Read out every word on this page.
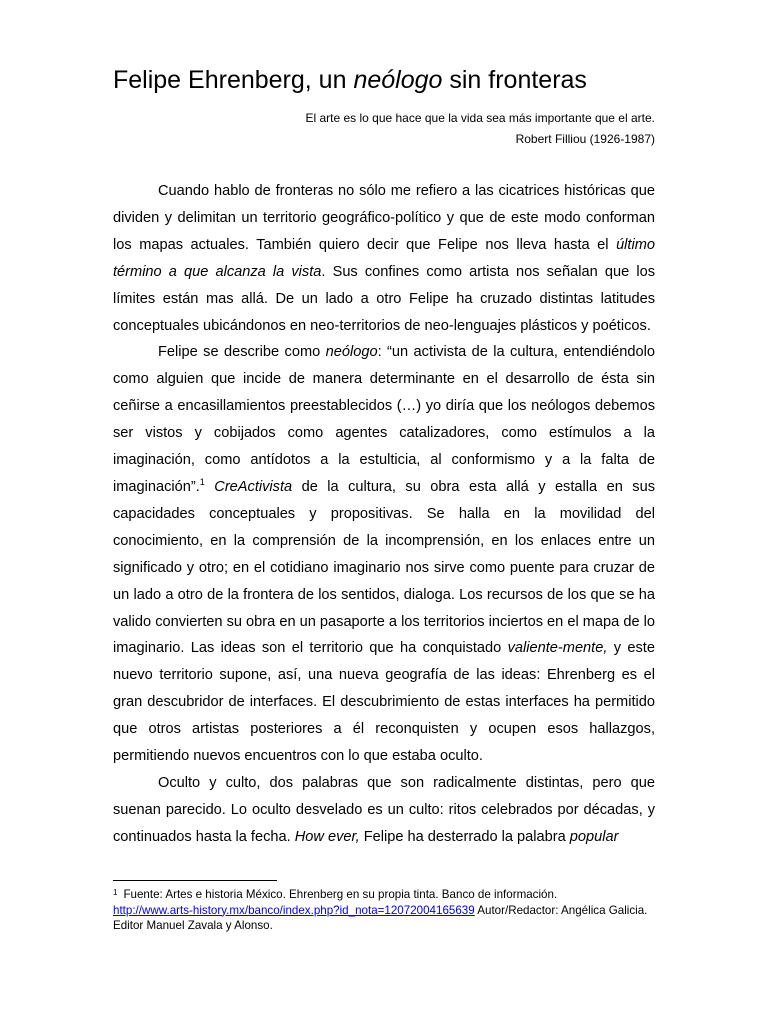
Felipe Ehrenberg, un neólogo sin fronteras
El arte es lo que hace que la vida sea más importante que el arte.
Robert Filliou (1926-1987)

Cuando hablo de fronteras no sólo me refiero a las cicatrices históricas que dividen y delimitan un territorio geográfico-político y que de este modo conforman los mapas actuales. También quiero decir que Felipe nos lleva hasta el último término a que alcanza la vista. Sus confines como artista nos señalan que los límites están mas allá. De un lado a otro Felipe ha cruzado distintas latitudes conceptuales ubicándonos en neo-territorios de neo-lenguajes plásticos y poéticos.

Felipe se describe como neólogo: “un activista de la cultura, entendiéndolo como alguien que incide de manera determinante en el desarrollo de ésta sin ceñirse a encasillamientos preestablecidos (…) yo diría que los neólogos debemos ser vistos y cobijados como agentes catalizadores, como estímulos a la imaginación, como antídotos a la estulticia, al conformismo y a la falta de imaginación”.$^1$ CreActivista de la cultura, su obra esta allá y estalla en sus capacidades conceptuales y propositivas. Se halla en la movilidad del conocimiento, en la comprensión de la incomprensión, en los enlaces entre un significado y otro; en el cotidiano imaginario nos sirve como puente para cruzar de un lado a otro de la frontera de los sentidos, dialoga. Los recursos de los que se ha valido convierten su obra en un pasaporte a los territorios inciertos en el mapa de lo imaginario. Las ideas son el territorio que ha conquistado valiente-mente, y este nuevo territorio supone, así, una nueva geografía de las ideas: Ehrenberg es el gran descubridor de interfaces. El descubrimiento de estas interfaces ha permitido que otros artistas posteriores a él reconquisten y ocupen esos hallazgos, permitiendo nuevos encuentros con lo que estaba oculto.

Oculto y culto, dos palabras que son radicalmente distintas, pero que suenan parecido. Lo oculto desvelado es un culto: ritos celebrados por décadas, y continuados hasta la fecha. How ever, Felipe ha desterrado la palabra popular

$^1$ Fuente: Artes e historia México. Ehrenberg en su propia tinta. Banco de información.
http://www.arts-history.mx/banco/index.php?id_nota=12072004165639 Autor/Redactor: Angélica Galicia. Editor Manuel Zavala y Alonso.
